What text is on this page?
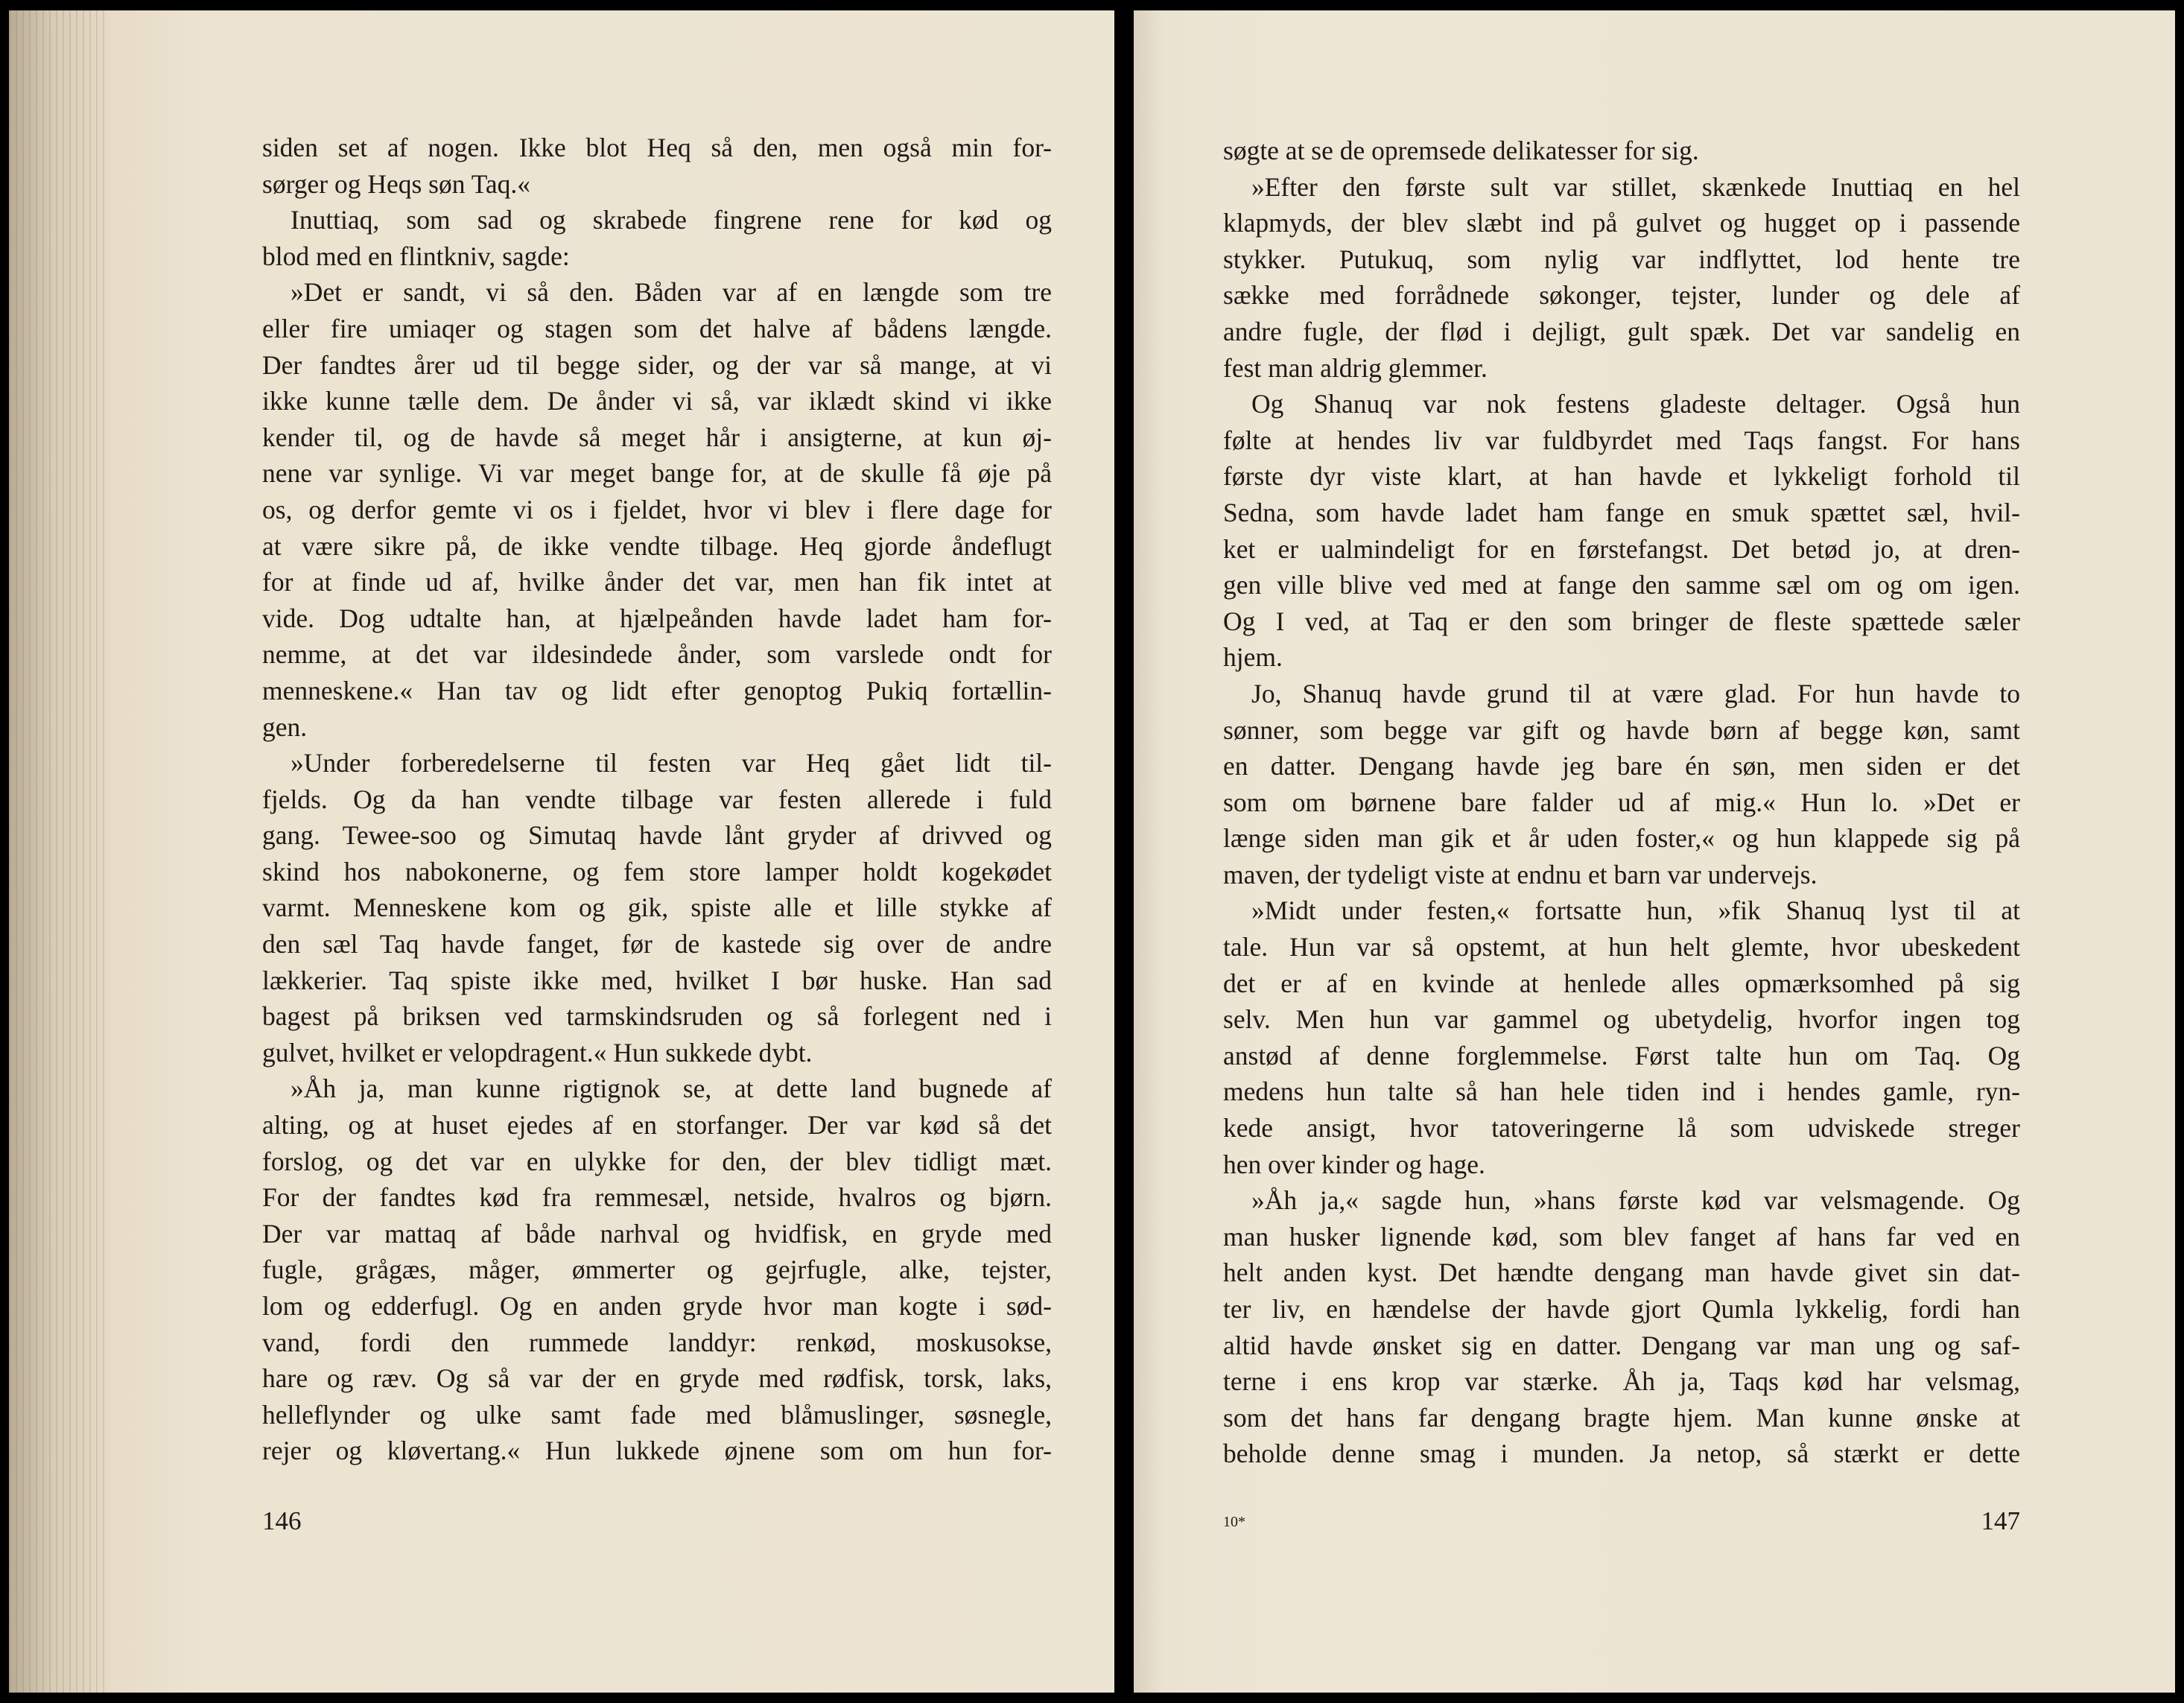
siden set af nogen. Ikke blot Heq så den, men også min for-
sørger og Heqs søn Taq.«
Inuttiaq, som sad og skrabede fingrene rene for kød og
blod med en flintkniv, sagde:
»Det er sandt, vi så den. Båden var af en længde som tre
eller fire umiaqer og stagen som det halve af bådens længde.
Der fandtes årer ud til begge sider, og der var så mange, at vi
ikke kunne tælle dem. De ånder vi så, var iklædt skind vi ikke
kender til, og de havde så meget hår i ansigterne, at kun øj-
nene var synlige. Vi var meget bange for, at de skulle få øje på
os, og derfor gemte vi os i fjeldet, hvor vi blev i flere dage for
at være sikre på, de ikke vendte tilbage. Heq gjorde åndeflugt
for at finde ud af, hvilke ånder det var, men han fik intet at
vide. Dog udtalte han, at hjælpeånden havde ladet ham for-
nemme, at det var ildesindede ånder, som varslede ondt for
menneskene.« Han tav og lidt efter genoptog Pukiq fortællin-
gen.
»Under forberedelserne til festen var Heq gået lidt til-
fjelds. Og da han vendte tilbage var festen allerede i fuld
gang. Tewee-soo og Simutaq havde lånt gryder af drivved og
skind hos nabokonerne, og fem store lamper holdt kogekødet
varmt. Menneskene kom og gik, spiste alle et lille stykke af
den sæl Taq havde fanget, før de kastede sig over de andre
lækkerier. Taq spiste ikke med, hvilket I bør huske. Han sad
bagest på briksen ved tarmskindsruden og så forlegent ned i
gulvet, hvilket er velopdragent.« Hun sukkede dybt.
»Åh ja, man kunne rigtignok se, at dette land bugnede af
alting, og at huset ejedes af en storfanger. Der var kød så det
forslog, og det var en ulykke for den, der blev tidligt mæt.
For der fandtes kød fra remmesæl, netside, hvalros og bjørn.
Der var mattaq af både narhval og hvidfisk, en gryde med
fugle, grågæs, måger, ømmerter og gejrfugle, alke, tejster,
lom og edderfugl. Og en anden gryde hvor man kogte i sød-
vand, fordi den rummede landdyr: renkød, moskusokse,
hare og ræv. Og så var der en gryde med rødfisk, torsk, laks,
helleflynder og ulke samt fade med blåmuslinger, søsnegle,
rejer og kløvertang.« Hun lukkede øjnene som om hun for-
146
søgte at se de opremsede delikatesser for sig.
»Efter den første sult var stillet, skænkede Inuttiaq en hel
klapmyds, der blev slæbt ind på gulvet og hugget op i passende
stykker. Putukuq, som nylig var indflyttet, lod hente tre
sække med forrådnede søkonger, tejster, lunder og dele af
andre fugle, der flød i dejligt, gult spæk. Det var sandelig en
fest man aldrig glemmer.
Og Shanuq var nok festens gladeste deltager. Også hun
følte at hendes liv var fuldbyrdet med Taqs fangst. For hans
første dyr viste klart, at han havde et lykkeligt forhold til
Sedna, som havde ladet ham fange en smuk spættet sæl, hvil-
ket er ualmindeligt for en førstefangst. Det betød jo, at dren-
gen ville blive ved med at fange den samme sæl om og om igen.
Og I ved, at Taq er den som bringer de fleste spættede sæler
hjem.
Jo, Shanuq havde grund til at være glad. For hun havde to
sønner, som begge var gift og havde børn af begge køn, samt
en datter. Dengang havde jeg bare én søn, men siden er det
som om børnene bare falder ud af mig.« Hun lo. »Det er
længe siden man gik et år uden foster,« og hun klappede sig på
maven, der tydeligt viste at endnu et barn var undervejs.
»Midt under festen,« fortsatte hun, »fik Shanuq lyst til at
tale. Hun var så opstemt, at hun helt glemte, hvor ubeskedent
det er af en kvinde at henlede alles opmærksomhed på sig
selv. Men hun var gammel og ubetydelig, hvorfor ingen tog
anstød af denne forglemmelse. Først talte hun om Taq. Og
medens hun talte så han hele tiden ind i hendes gamle, ryn-
kede ansigt, hvor tatoveringerne lå som udviskede streger
hen over kinder og hage.
»Åh ja,« sagde hun, »hans første kød var velsmagende. Og
man husker lignende kød, som blev fanget af hans far ved en
helt anden kyst. Det hændte dengang man havde givet sin dat-
ter liv, en hændelse der havde gjort Qumla lykkelig, fordi han
altid havde ønsket sig en datter. Dengang var man ung og saf-
terne i ens krop var stærke. Åh ja, Taqs kød har velsmag,
som det hans far dengang bragte hjem. Man kunne ønske at
beholde denne smag i munden. Ja netop, så stærkt er dette
10*	147
